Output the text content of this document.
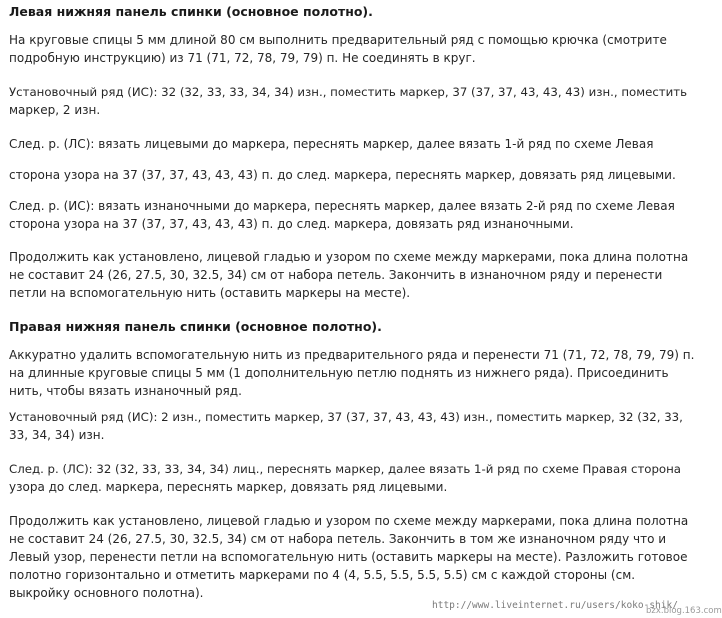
Левая нижняя панель спинки (основное полотно).
На круговые спицы 5 мм длиной 80 см выполнить предварительный ряд с помощью крючка (смотрите
подробную инструкцию) из 71 (71, 72, 78, 79, 79) п. Не соединять в круг.
Установочный ряд (ИС): 32 (32, 33, 33, 34, 34) изн., поместить маркер, 37 (37, 37, 43, 43, 43) изн., поместить
маркер, 2 изн.
След. р. (ЛС): вязать лицевыми до маркера, переснять маркер, далее вязать 1-й ряд по схеме Левая
сторона узора на 37 (37, 37, 43, 43, 43) п. до след. маркера, переснять маркер, довязать ряд лицевыми.
След. р. (ИС): вязать изнаночными до маркера, переснять маркер, далее вязать 2-й ряд по схеме Левая
сторона узора на 37 (37, 37, 43, 43, 43) п. до след. маркера, довязать ряд изнаночными.
Продолжить как установлено, лицевой гладью и узором по схеме между маркерами, пока длина полотна
не составит 24 (26, 27.5, 30, 32.5, 34) см от набора петель. Закончить в изнаночном ряду и перенести
петли на вспомогательную нить (оставить маркеры на месте).
Правая нижняя панель спинки (основное полотно).
Аккуратно удалить вспомогательную нить из предварительного ряда и перенести 71 (71, 72, 78, 79, 79) п.
на длинные круговые спицы 5 мм (1 дополнительную петлю поднять из нижнего ряда). Присоединить
нить, чтобы вязать изнаночный ряд.
Установочный ряд (ИС): 2 изн., поместить маркер, 37 (37, 37, 43, 43, 43) изн., поместить маркер, 32 (32, 33,
33, 34, 34) изн.
След. р. (ЛС): 32 (32, 33, 33, 34, 34) лиц., переснять маркер, далее вязать 1-й ряд по схеме Правая сторона
узора до след. маркера, переснять маркер, довязать ряд лицевыми.
Продолжить как установлено, лицевой гладью и узором по схеме между маркерами, пока длина полотна
не составит 24 (26, 27.5, 30, 32.5, 34) см от набора петель. Закончить в том же изнаночном ряду что и
Левый узор, перенести петли на вспомогательную нить (оставить маркеры на месте). Разложить готовое
полотно горизонтально и отметить маркерами по 4 (4, 5.5, 5.5, 5.5, 5.5) см с каждой стороны (см.
выкройку основного полотна).
http://www.liveinternet.ru/users/koko-shik/
bzx.blog.163.com
